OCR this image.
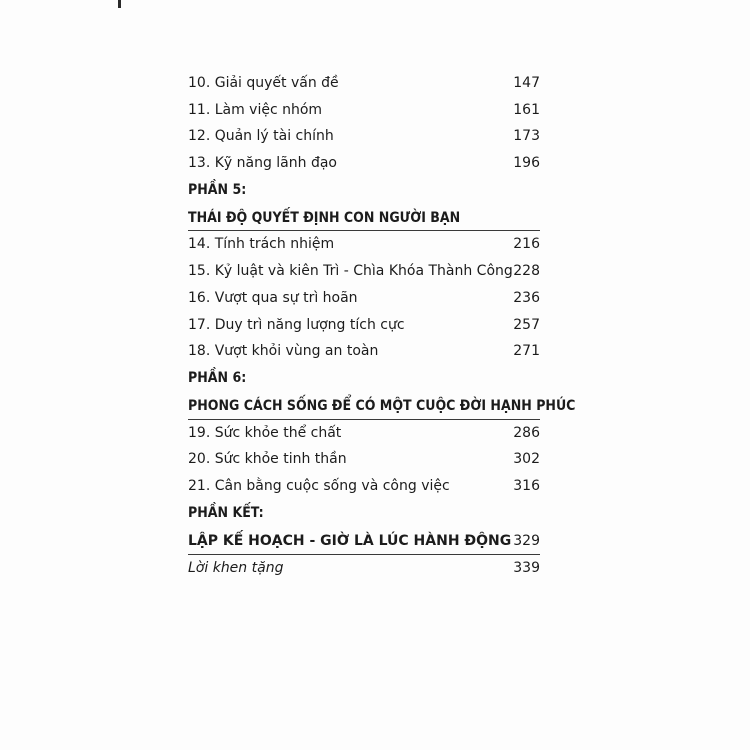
10. Giải quyết vấn đề	147
11. Làm việc nhóm	161
12. Quản lý tài chính	173
13. Kỹ năng lãnh đạo	196
PHẦN 5:
THÁI ĐỘ QUYẾT ĐỊNH CON NGƯỜI BẠN
14. Tính trách nhiệm	216
15. Kỷ luật và kiên Trì - Chìa Khóa Thành Công 228
16. Vượt qua sự trì hoãn	236
17. Duy trì năng lượng tích cực	257
18. Vượt khỏi vùng an toàn	271
PHẦN 6:
PHONG CÁCH SỐNG ĐỂ CÓ MỘT CUỘC ĐỜI HẠNH PHÚC
19. Sức khỏe thể chất	286
20. Sức khỏe tinh thần	302
21. Cân bằng cuộc sống và công việc	316
PHẦN KẾT:
LẬP KẾ HOẠCH - GIỜ LÀ LÚC HÀNH ĐỘNG 329
Lời khen tặng	339
